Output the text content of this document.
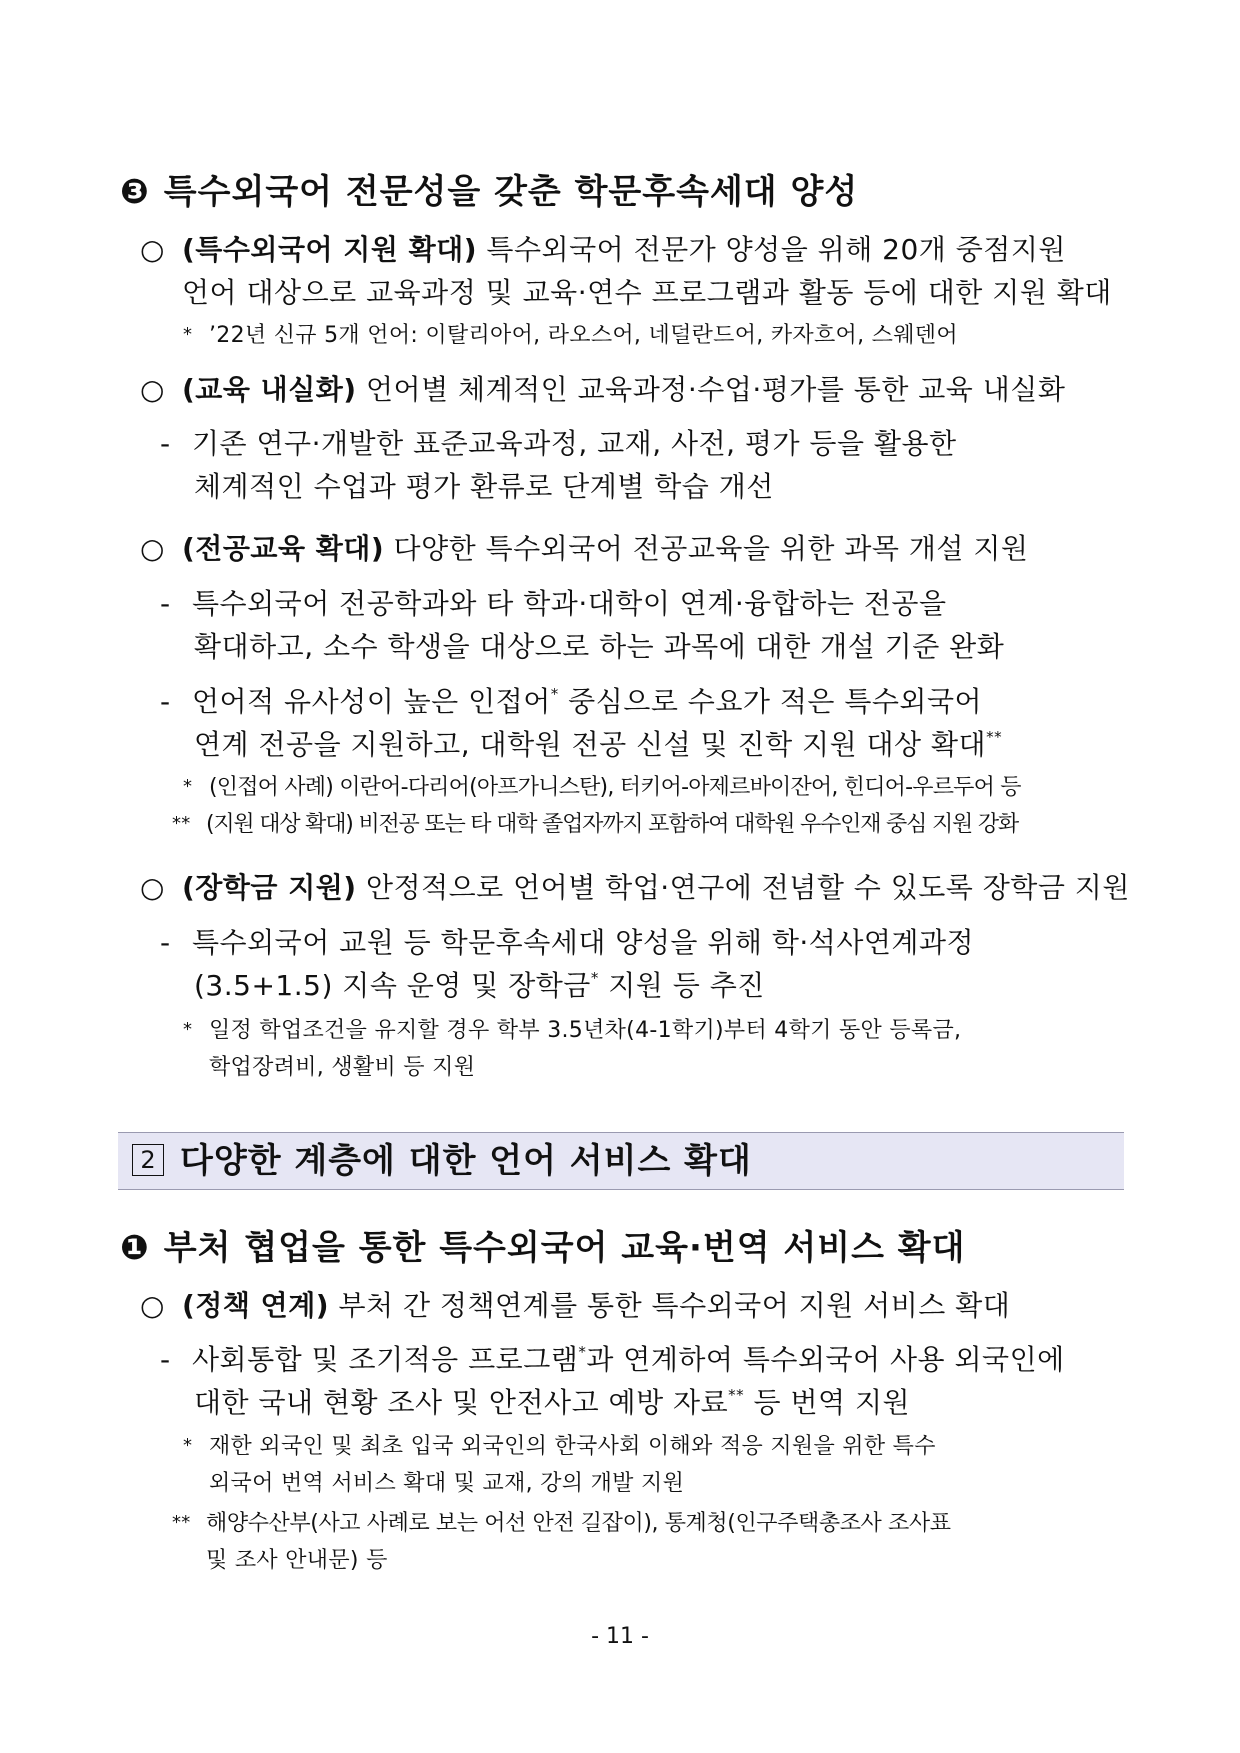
❸ 특수외국어 전문성을 갖춘 학문후속세대 양성
○ (특수외국어 지원 확대) 특수외국어 전문가 양성을 위해 20개 중점지원
언어 대상으로 교육과정 및 교육·연수 프로그램과 활동 등에 대한 지원 확대
* ’22년 신규 5개 언어: 이탈리아어, 라오스어, 네덜란드어, 카자흐어, 스웨덴어
○ (교육 내실화) 언어별 체계적인 교육과정·수업·평가를 통한 교육 내실화
- 기존 연구·개발한 표준교육과정, 교재, 사전, 평가 등을 활용한
체계적인 수업과 평가 환류로 단계별 학습 개선
○ (전공교육 확대) 다양한 특수외국어 전공교육을 위한 과목 개설 지원
- 특수외국어 전공학과와 타 학과·대학이 연계·융합하는 전공을
확대하고, 소수 학생을 대상으로 하는 과목에 대한 개설 기준 완화
- 언어적 유사성이 높은 인접어* 중심으로 수요가 적은 특수외국어
연계 전공을 지원하고, 대학원 전공 신설 및 진학 지원 대상 확대**
* (인접어 사례) 이란어-다리어(아프가니스탄), 터키어-아제르바이잔어, 힌디어-우르두어 등
** (지원 대상 확대) 비전공 또는 타 대학 졸업자까지 포함하여 대학원 우수인재 중심 지원 강화
○ (장학금 지원) 안정적으로 언어별 학업·연구에 전념할 수 있도록 장학금 지원
- 특수외국어 교원 등 학문후속세대 양성을 위해 학·석사연계과정
(3.5+1.5) 지속 운영 및 장학금* 지원 등 추진
* 일정 학업조건을 유지할 경우 학부 3.5년차(4-1학기)부터 4학기 동안 등록금,
학업장려비, 생활비 등 지원
2 다양한 계층에 대한 언어 서비스 확대
❶ 부처 협업을 통한 특수외국어 교육·번역 서비스 확대
○ (정책 연계) 부처 간 정책연계를 통한 특수외국어 지원 서비스 확대
- 사회통합 및 조기적응 프로그램*과 연계하여 특수외국어 사용 외국인에
대한 국내 현황 조사 및 안전사고 예방 자료** 등 번역 지원
* 재한 외국인 및 최초 입국 외국인의 한국사회 이해와 적응 지원을 위한 특수
외국어 번역 서비스 확대 및 교재, 강의 개발 지원
** 해양수산부(사고 사례로 보는 어선 안전 길잡이), 통계청(인구주택총조사 조사표
및 조사 안내문) 등
- 11 -
